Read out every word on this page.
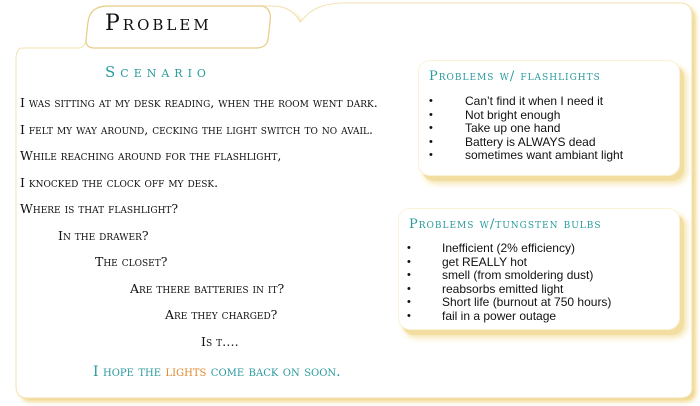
Problem
Scenario
I was sitting at my desk reading, when the room went dark.
I felt my way around, cecking the light switch to no avail.
While reaching around for the flashlight,
I knocked the clock off my desk.
Where is that flashlight?
In the drawer?
The closet?
Are there batteries in it?
Are they charged?
Is t….
I hope the lights come back on soon.
Problems w/ flashlights
•	Can’t find it when I need it
•	Not bright enough
•	Take up one hand
•	Battery is ALWAYS dead
•	sometimes want ambiant light
Problems w/tungsten bulbs
•	Inefficient (2% efficiency)
•	get REALLY hot
•	smell (from smoldering dust)
•	reabsorbs emitted light
•	Short life (burnout at 750 hours)
•	fail in a power outage
